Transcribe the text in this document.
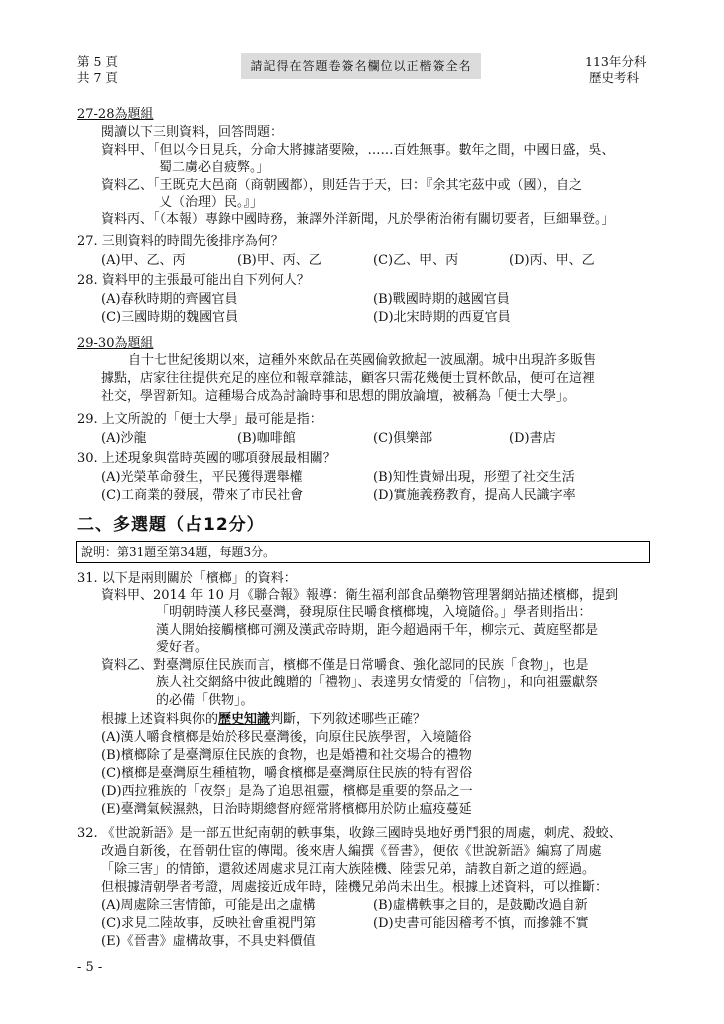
第 5 頁
共 7 頁
請記得在答題卷簽名欄位以正楷簽全名	113年分科
歷史考科
27-28為題組
閱讀以下三則資料，回答問題：
資料甲、「但以今日見兵，分命大將據諸要險，……百姓無事。數年之間，中國日盛，吳、
蜀二虜必自疲弊。」
資料乙、「王既克大邑商（商朝國都），則廷告于天，曰：『余其宅茲中或（國），自之
乂（治理）民。』」
資料丙、「（本報）專錄中國時務，兼譯外洋新聞，凡於學術治術有關切要者，巨細畢登。」
27. 三則資料的時間先後排序為何？
(A)甲、乙、丙	(B)甲、丙、乙	(C)乙、甲、丙	(D)丙、甲、乙
28. 資料甲的主張最可能出自下列何人？
(A)春秋時期的齊國官員	(B)戰國時期的越國官員
(C)三國時期的魏國官員	(D)北宋時期的西夏官員
29-30為題組
自十七世紀後期以來，這種外來飲品在英國倫敦掀起一波風潮。城中出現許多販售
據點，店家往往提供充足的座位和報章雜誌，顧客只需花幾便士買杯飲品，便可在這裡
社交，學習新知。這種場合成為討論時事和思想的開放論壇，被稱為「便士大學」。
29. 上文所說的「便士大學」最可能是指：
(A)沙龍	(B)咖啡館	(C)俱樂部	(D)書店
30. 上述現象與當時英國的哪項發展最相關？
(A)光榮革命發生，平民獲得選舉權	(B)知性貴婦出現，形塑了社交生活
(C)工商業的發展，帶來了市民社會	(D)實施義務教育，提高人民識字率
二、多選題（占12分）
說明：第31題至第34題，每題3分。
31. 以下是兩則關於「檳榔」的資料：
資料甲、2014 年 10 月《聯合報》報導：衛生福利部食品藥物管理署網站描述檳榔，提到
「明朝時漢人移民臺灣，發現原住民嚼食檳榔塊，入境隨俗。」學者則指出：
漢人開始接觸檳榔可溯及漢武帝時期，距今超過兩千年，柳宗元、黃庭堅都是
愛好者。
資料乙、對臺灣原住民族而言，檳榔不僅是日常嚼食、強化認同的民族「食物」，也是
族人社交網絡中彼此餽贈的「禮物」、表達男女情愛的「信物」，和向祖靈獻祭
的必備「供物」。
根據上述資料與你的歷史知識判斷，下列敘述哪些正確？
(A)漢人嚼食檳榔是始於移民臺灣後，向原住民族學習，入境隨俗
(B)檳榔除了是臺灣原住民族的食物，也是婚禮和社交場合的禮物
(C)檳榔是臺灣原生種植物，嚼食檳榔是臺灣原住民族的特有習俗
(D)西拉雅族的「夜祭」是為了追思祖靈，檳榔是重要的祭品之一
(E)臺灣氣候濕熱，日治時期總督府經常將檳榔用於防止瘟疫蔓延
32. 《世說新語》是一部五世紀南朝的軼事集，收錄三國時吳地好勇鬥狠的周處，刺虎、殺蛟、
改過自新後，在晉朝仕宦的傳聞。後來唐人編撰《晉書》，便依《世說新語》編寫了周處
「除三害」的情節，還敘述周處求見江南大族陸機、陸雲兄弟，請教自新之道的經過。
但根據清朝學者考證，周處接近成年時，陸機兄弟尚未出生。根據上述資料，可以推斷：
(A)周處除三害情節，可能是出之虛構	(B)虛構軼事之目的，是鼓勵改過自新
(C)求見二陸故事，反映社會重視門第	(D)史書可能因稽考不慎，而摻雜不實
(E)《晉書》虛構故事，不具史料價值
- 5 -
